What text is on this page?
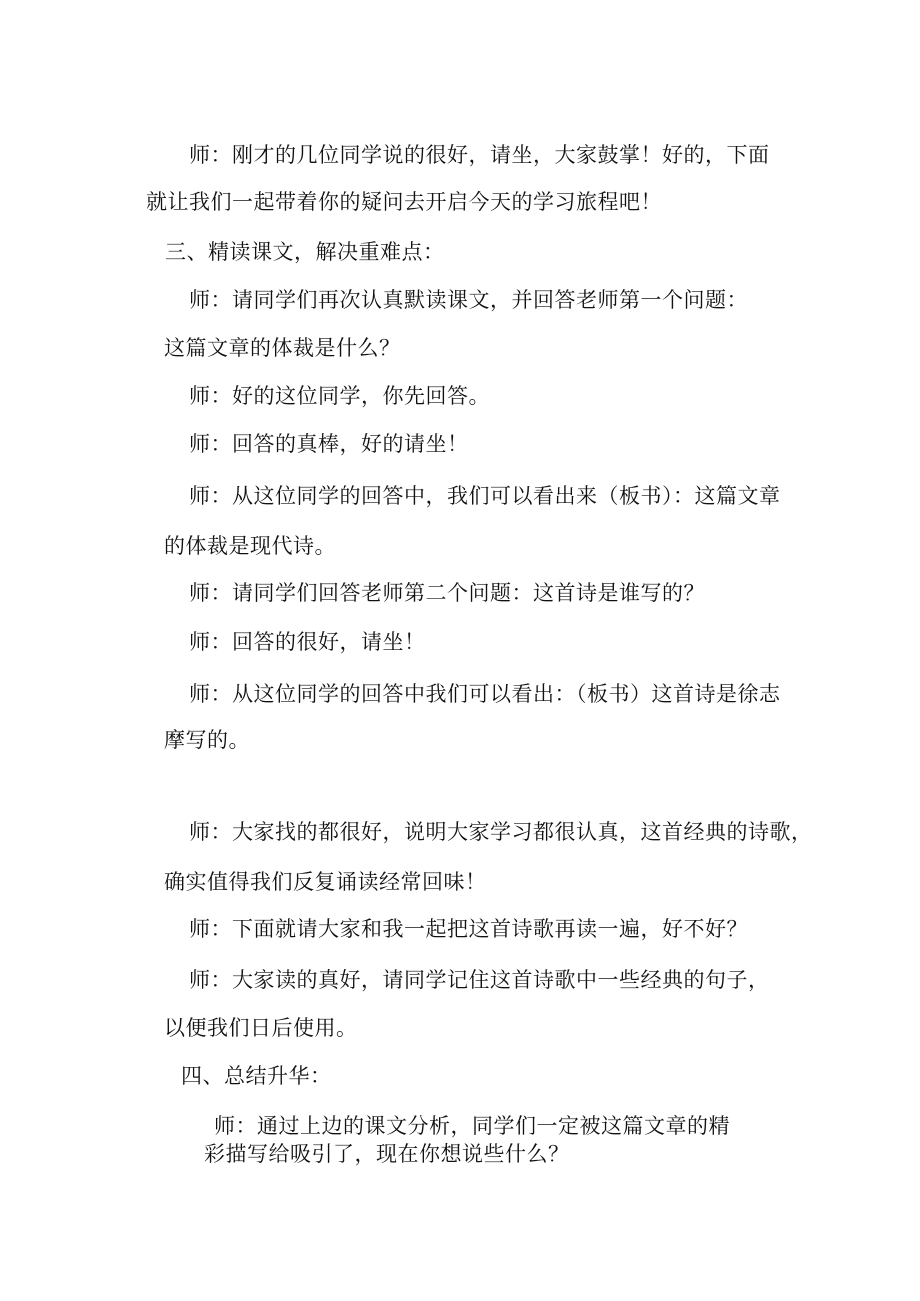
师：刚才的几位同学说的很好，请坐，大家鼓掌！好的，下面
就让我们一起带着你的疑问去开启今天的学习旅程吧！
三、精读课文，解决重难点：
师：请同学们再次认真默读课文，并回答老师第一个问题：
这篇文章的体裁是什么？
师：好的这位同学，你先回答。
师：回答的真棒，好的请坐！
师：从这位同学的回答中，我们可以看出来（板书）：这篇文章
的体裁是现代诗。
师：请同学们回答老师第二个问题：这首诗是谁写的？
师：回答的很好，请坐！
师：从这位同学的回答中我们可以看出：（板书）这首诗是徐志
摩写的。
师：大家找的都很好，说明大家学习都很认真，这首经典的诗歌，
确实值得我们反复诵读经常回味！
师：下面就请大家和我一起把这首诗歌再读一遍，好不好？
师：大家读的真好，请同学记住这首诗歌中一些经典的句子，
以便我们日后使用。
四、总结升华：
师：通过上边的课文分析，同学们一定被这篇文章的精
彩描写给吸引了，现在你想说些什么？
